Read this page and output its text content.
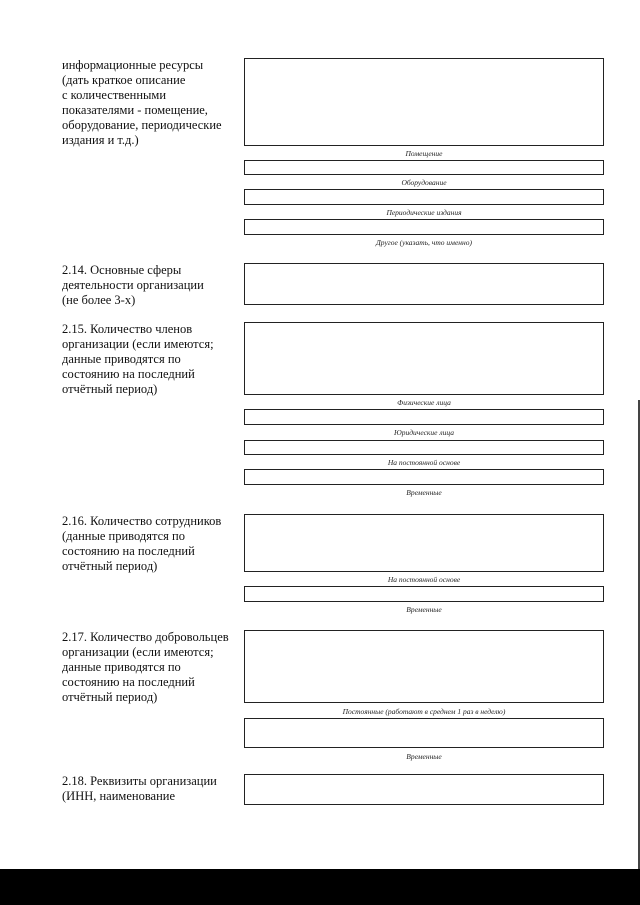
информационные ресурсы
(дать краткое описание
с количественными
показателями - помещение,
оборудование, периодические
издания и т.д.)
Помещение
Оборудование
Периодические издания
Другое (указать, что именно)
2.14. Основные сферы
деятельности организации
(не более 3-х)
2.15. Количество членов
организации (если имеются;
данные приводятся по
состоянию на последний
отчётный период)
Физические лица
Юридические лица
На постоянной основе
Временные
2.16. Количество сотрудников
(данные приводятся по
состоянию на последний
отчётный период)
На постоянной основе
Временные
2.17. Количество добровольцев
организации (если имеются;
данные приводятся по
состоянию на последний
отчётный период)
Постоянные (работают в среднем 1 раз в неделю)
Временные
2.18. Реквизиты организации
(ИНН, наименование
